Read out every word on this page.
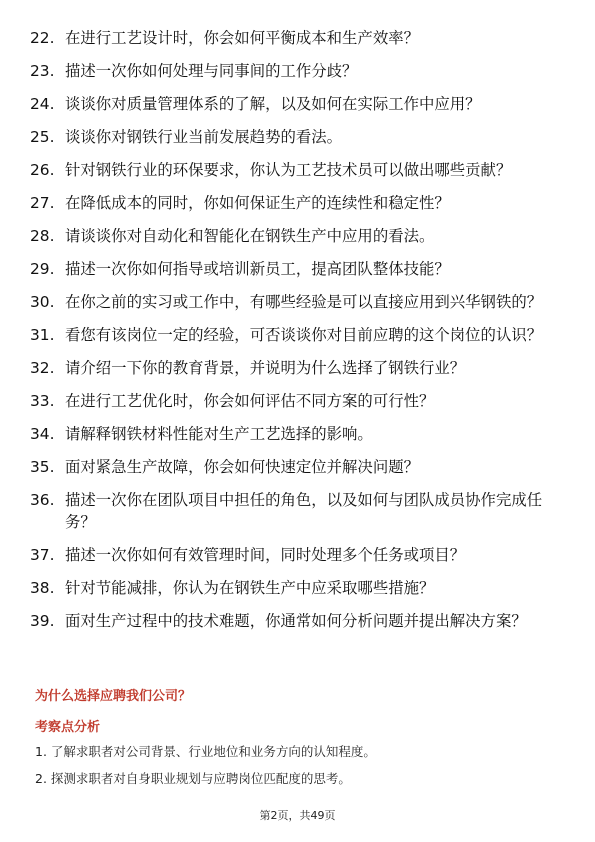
22. 在进行工艺设计时，你会如何平衡成本和生产效率？
23. 描述一次你如何处理与同事间的工作分歧？
24. 谈谈你对质量管理体系的了解，以及如何在实际工作中应用？
25. 谈谈你对钢铁行业当前发展趋势的看法。
26. 针对钢铁行业的环保要求，你认为工艺技术员可以做出哪些贡献？
27. 在降低成本的同时，你如何保证生产的连续性和稳定性？
28. 请谈谈你对自动化和智能化在钢铁生产中应用的看法。
29. 描述一次你如何指导或培训新员工，提高团队整体技能？
30. 在你之前的实习或工作中，有哪些经验是可以直接应用到兴华钢铁的？
31. 看您有该岗位一定的经验，可否谈谈你对目前应聘的这个岗位的认识？
32. 请介绍一下你的教育背景，并说明为什么选择了钢铁行业？
33. 在进行工艺优化时，你会如何评估不同方案的可行性？
34. 请解释钢铁材料性能对生产工艺选择的影响。
35. 面对紧急生产故障，你会如何快速定位并解决问题？
36. 描述一次你在团队项目中担任的角色，以及如何与团队成员协作完成任务？
37. 描述一次你如何有效管理时间，同时处理多个任务或项目？
38. 针对节能减排，你认为在钢铁生产中应采取哪些措施？
39. 面对生产过程中的技术难题，你通常如何分析问题并提出解决方案？
为什么选择应聘我们公司？
考察点分析
1. 了解求职者对公司背景、行业地位和业务方向的认知程度。
2. 探测求职者对自身职业规划与应聘岗位匹配度的思考。
第2页，共49页
